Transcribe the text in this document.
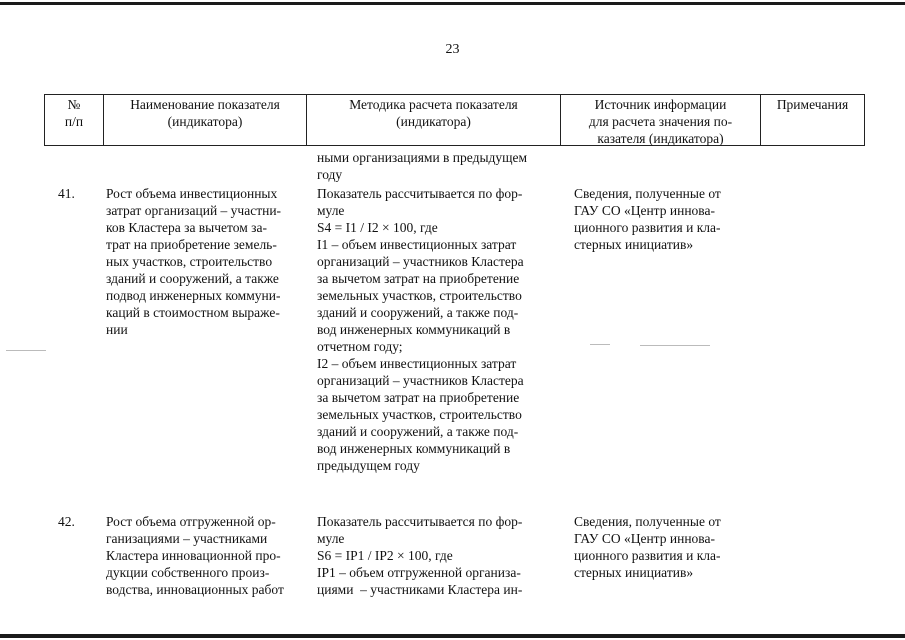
23
№
п/п
Наименование показателя
(индикатора)
Методика расчета показателя
(индикатора)
Источник информации
для расчета значения по-
казателя (индикатора)
Примечания
ными организациями в предыдущем
году
41. Рост объема инвестиционных
затрат организаций – участни-
ков Кластера за вычетом за-
трат на приобретение земель-
ных участков, строительство
зданий и сооружений, а также
подвод инженерных коммуни-
каций в стоимостном выраже-
нии
Показатель рассчитывается по фор-
муле
S4 = I1 / I2 × 100, где
I1 – объем инвестиционных затрат
организаций – участников Кластера
за вычетом затрат на приобретение
земельных участков, строительство
зданий и сооружений, а также под-
вод инженерных коммуникаций в
отчетном году;
I2 – объем инвестиционных затрат
организаций – участников Кластера
за вычетом затрат на приобретение
земельных участков, строительство
зданий и сооружений, а также под-
вод инженерных коммуникаций в
предыдущем году
Сведения, полученные от
ГАУ СО «Центр иннова-
ционного развития и кла-
стерных инициатив»
42. Рост объема отгруженной ор-
ганизациями – участниками
Кластера инновационной про-
дукции собственного произ-
водства, инновационных работ
Показатель рассчитывается по фор-
муле
S6 = IP1 / IP2 × 100, где
IP1 – объем отгруженной организа-
циями  – участниками Кластера ин-
Сведения, полученные от
ГАУ СО «Центр иннова-
ционного развития и кла-
стерных инициатив»
